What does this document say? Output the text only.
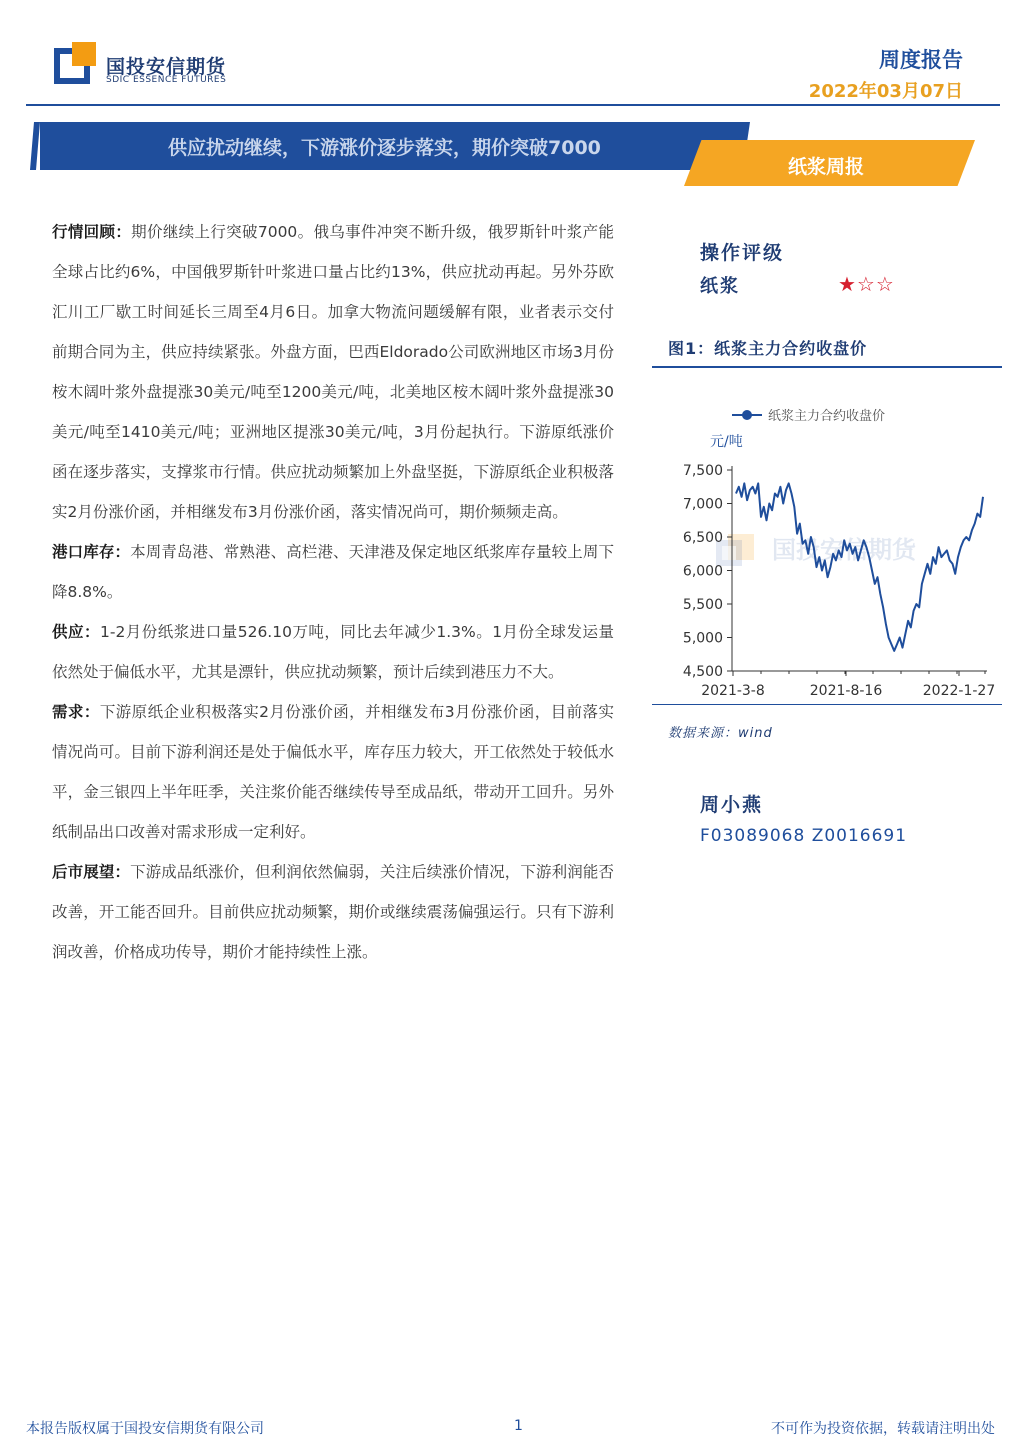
国投安信期货
SDIC ESSENCE FUTURES
周度报告
2022年03月07日
供应扰动继续，下游涨价逐步落实，期价突破7000
纸浆周报

行情回顾：期价继续上行突破7000。俄乌事件冲突不断升级，俄罗斯针叶浆产能全球占比约6%，中国俄罗斯针叶浆进口量占比约13%，供应扰动再起。另外芬欧汇川工厂歇工时间延长三周至4月6日。加拿大物流问题缓解有限，业者表示交付前期合同为主，供应持续紧张。外盘方面，巴西Eldorado公司欧洲地区市场3月份桉木阔叶浆外盘提涨30美元/吨至1200美元/吨，北美地区桉木阔叶浆外盘提涨30美元/吨至1410美元/吨；亚洲地区提涨30美元/吨，3月份起执行。下游原纸涨价函在逐步落实，支撑浆市行情。供应扰动频繁加上外盘坚挺，下游原纸企业积极落实2月份涨价函，并相继发布3月份涨价函，落实情况尚可，期价频频走高。

港口库存：本周青岛港、常熟港、高栏港、天津港及保定地区纸浆库存量较上周下降8.8%。

供应：1-2月份纸浆进口量526.10万吨，同比去年减少1.3%。1月份全球发运量依然处于偏低水平，尤其是漂针，供应扰动频繁，预计后续到港压力不大。

需求：下游原纸企业积极落实2月份涨价函，并相继发布3月份涨价函，目前落实情况尚可。目前下游利润还是处于偏低水平，库存压力较大，开工依然处于较低水平，金三银四上半年旺季，关注浆价能否继续传导至成品纸，带动开工回升。另外纸制品出口改善对需求形成一定利好。

后市展望：下游成品纸涨价，但利润依然偏弱，关注后续涨价情况，下游利润能否改善，开工能否回升。目前供应扰动频繁，期价或继续震荡偏强运行。只有下游利润改善，价格成功传导，期价才能持续性上涨。

操作评级
纸浆	★☆☆
图1：纸浆主力合约收盘价
国投安信期货
纸浆主力合约收盘价
元/吨
7,500
7,000
6,500
6,000
5,500
5,000
4,500
2021-3-8	2021-8-16	2022-1-27
数据来源：wind
周小燕
F03089068 Z0016691
本报告版权属于国投安信期货有限公司	1	不可作为投资依据，转载请注明出处
